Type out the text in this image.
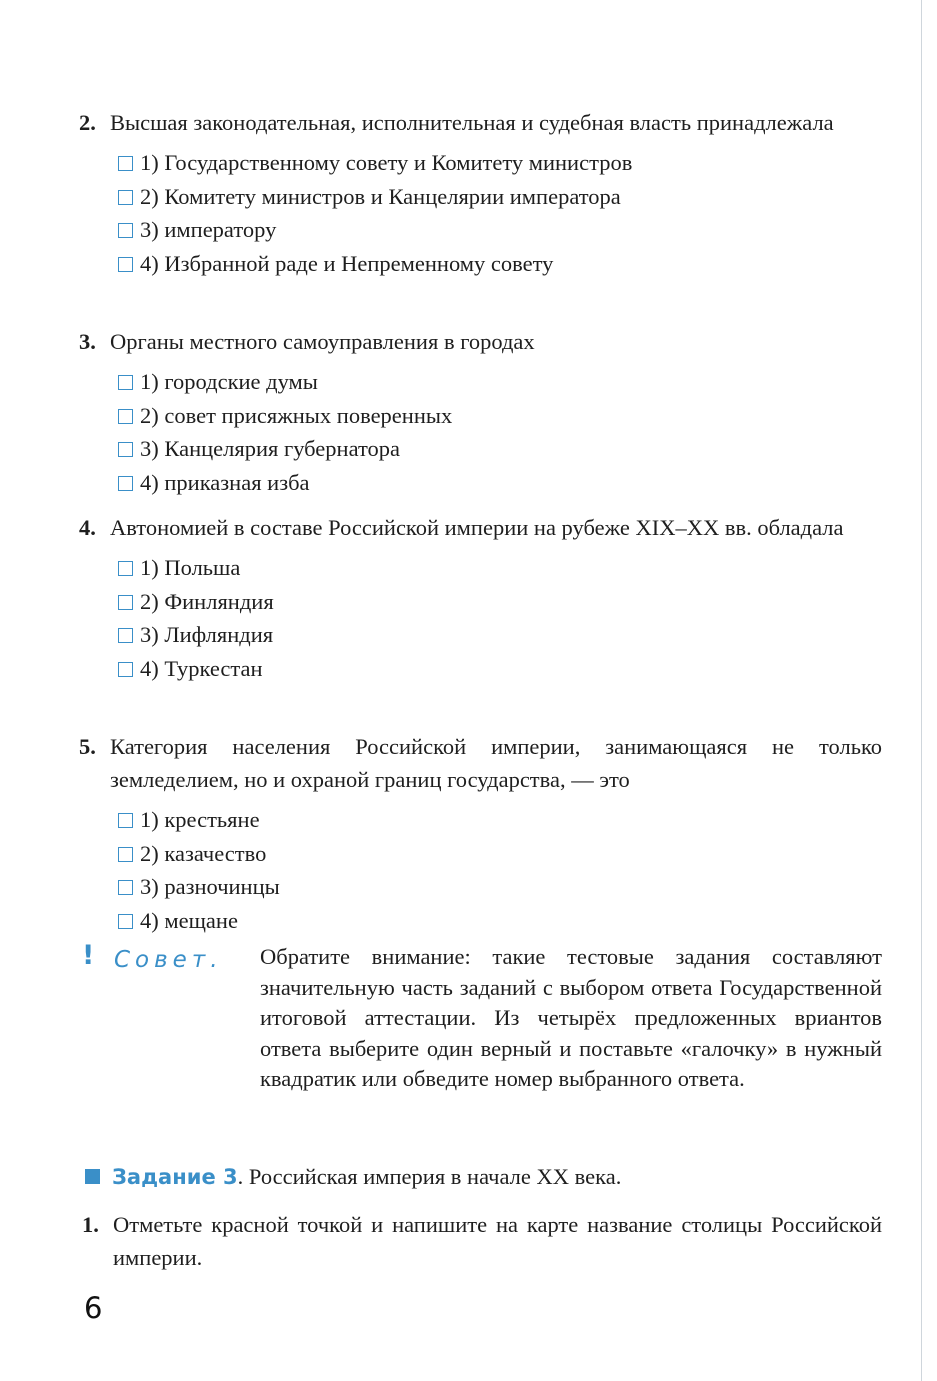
2. Высшая законодательная, исполнительная и судебная власть принадлежала
1) Государственному совету и Комитету министров
2) Комитету министров и Канцелярии императора
3) императору
4) Избранной раде и Непременному совету
3. Органы местного самоуправления в городах
1) городские думы
2) совет присяжных поверенных
3) Канцелярия губернатора
4) приказная изба
4. Автономией в составе Российской империи на рубеже XIX–XX вв. обладала
1) Польша
2) Финляндия
3) Лифляндия
4) Туркестан
5. Категория населения Российской империи, занимающаяся не только земледелием, но и охраной границ государства, — это
1) крестьяне
2) казачество
3) разночинцы
4) мещане
! Совет. Обратите внимание: такие тестовые задания составляют значительную часть заданий с выбором ответа Государственной итоговой аттестации. Из четырёх предложенных вриантов ответа выберите один верный и поставьте «галочку» в нужный квадратик или обведите номер выбранного ответа.
Задание 3. Российская империя в начале XX века.
1. Отметьте красной точкой и напишите на карте название столицы Российской империи.
6
